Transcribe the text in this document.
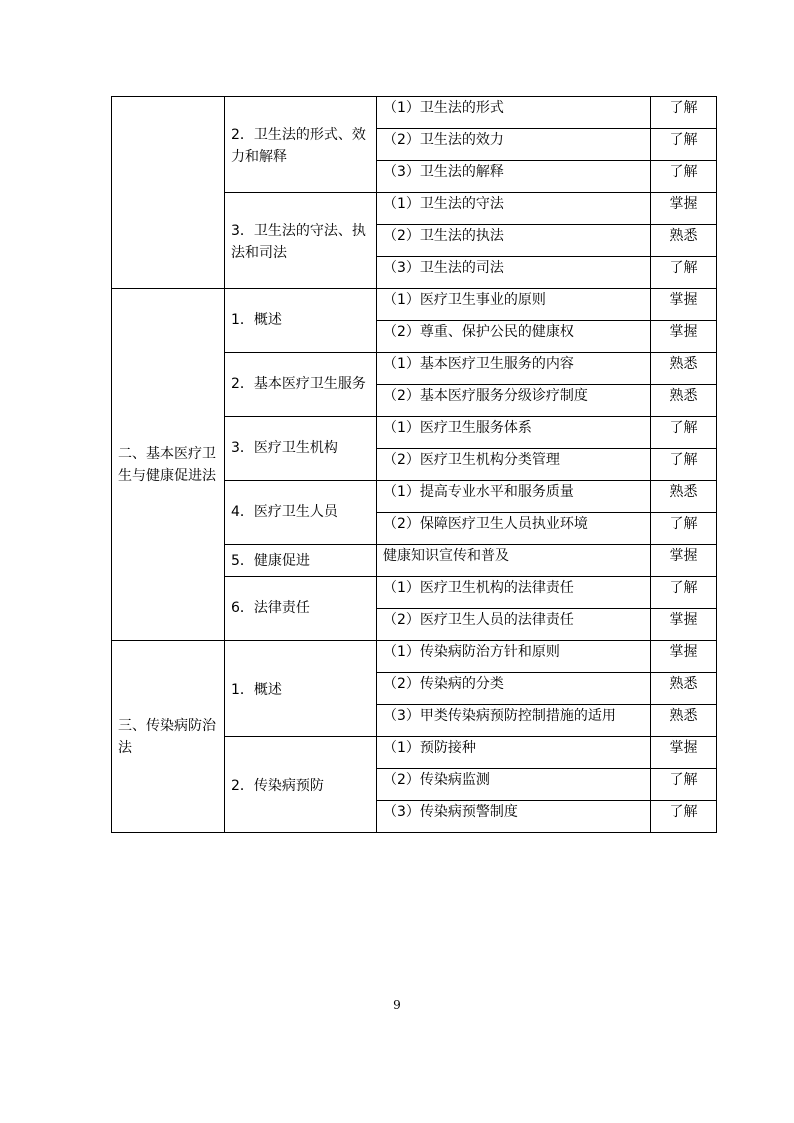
	2．卫生法的形式、效力和解释	（1）卫生法的形式	了解
		（2）卫生法的效力	了解
		（3）卫生法的解释	了解
	3．卫生法的守法、执法和司法	（1）卫生法的守法	掌握
		（2）卫生法的执法	熟悉
		（3）卫生法的司法	了解
二、基本医疗卫生与健康促进法	1．概述	（1）医疗卫生事业的原则	掌握
		（2）尊重、保护公民的健康权	掌握
	2．基本医疗卫生服务	（1）基本医疗卫生服务的内容	熟悉
		（2）基本医疗服务分级诊疗制度	熟悉
	3．医疗卫生机构	（1）医疗卫生服务体系	了解
		（2）医疗卫生机构分类管理	了解
	4．医疗卫生人员	（1）提高专业水平和服务质量	熟悉
		（2）保障医疗卫生人员执业环境	了解
	5．健康促进	健康知识宣传和普及	掌握
	6．法律责任	（1）医疗卫生机构的法律责任	了解
		（2）医疗卫生人员的法律责任	掌握
三、传染病防治法	1．概述	（1）传染病防治方针和原则	掌握
		（2）传染病的分类	熟悉
		（3）甲类传染病预防控制措施的适用	熟悉
	2．传染病预防	（1）预防接种	掌握
		（2）传染病监测	了解
		（3）传染病预警制度	了解
9
